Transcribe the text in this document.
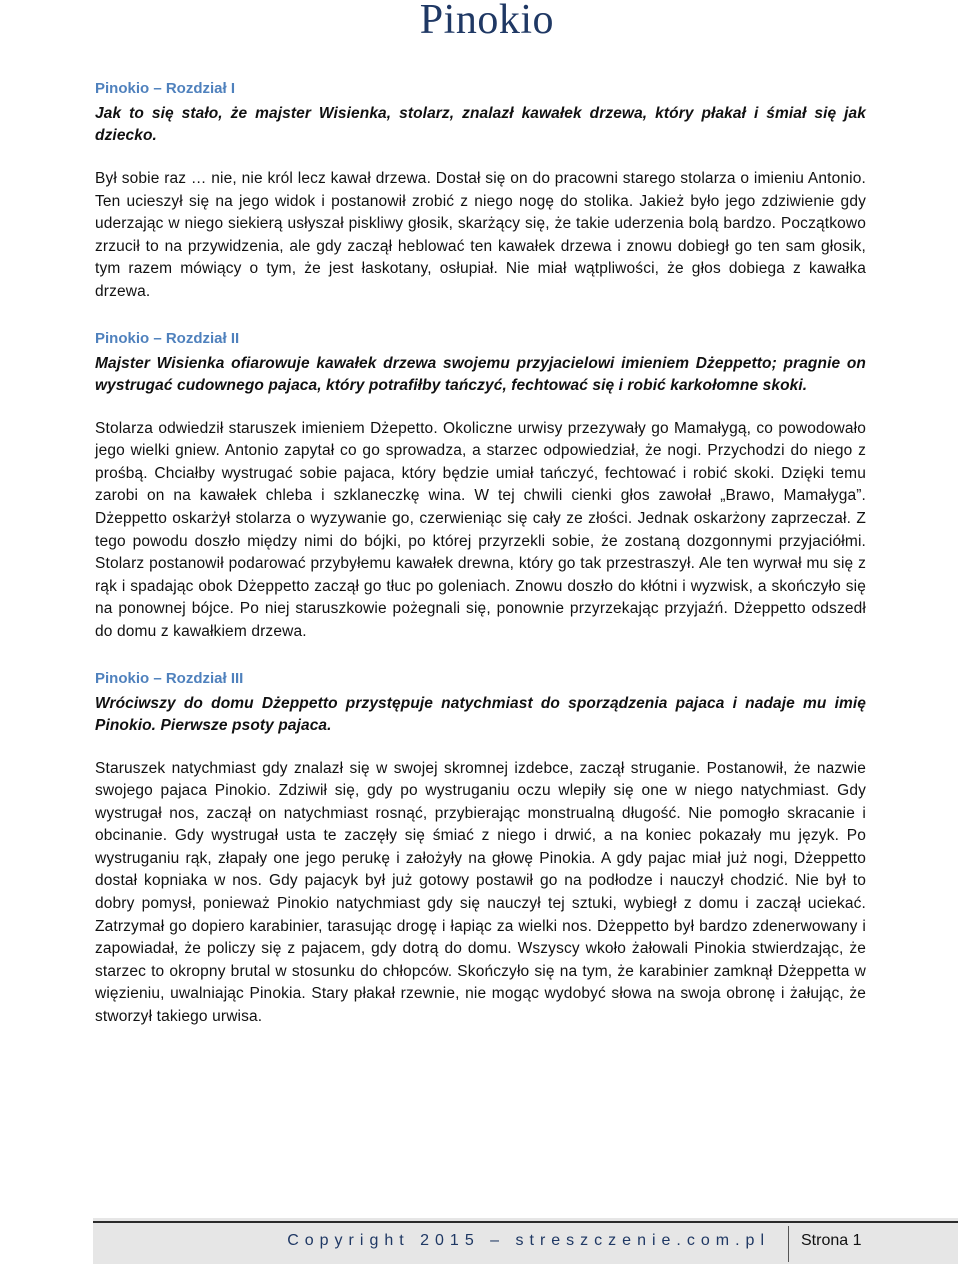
Pinokio
Pinokio – Rozdział I
Jak to się stało, że majster Wisienka, stolarz, znalazł kawałek drzewa, który płakał i śmiał się jak dziecko.
Był sobie raz … nie, nie król lecz kawał drzewa. Dostał się on do pracowni starego stolarza o imieniu Antonio. Ten ucieszył się na jego widok i postanowił zrobić z niego nogę do stolika. Jakież było jego zdziwienie gdy uderzając w niego siekierą usłyszał piskliwy głosik, skarżący się, że takie uderzenia bolą bardzo. Początkowo zrzucił to na przywidzenia, ale gdy zaczął heblować ten kawałek drzewa i znowu dobiegł go ten sam głosik, tym razem mówiący o tym, że jest łaskotany, osłupiał. Nie miał wątpliwości, że głos dobiega z kawałka drzewa.
Pinokio – Rozdział II
Majster Wisienka ofiarowuje kawałek drzewa swojemu przyjacielowi imieniem Dżeppetto; pragnie on wystrugać cudownego pajaca, który potrafiłby tańczyć, fechtować się i robić karkołomne skoki.
Stolarza odwiedził staruszek imieniem Dżepetto. Okoliczne urwisy przezywały go Mamałygą, co powodowało jego wielki gniew. Antonio zapytał co go sprowadza, a starzec odpowiedział, że nogi. Przychodzi do niego z prośbą. Chciałby wystrugać sobie pajaca, który będzie umiał tańczyć, fechtować i robić skoki. Dzięki temu zarobi on na kawałek chleba i szklaneczkę wina. W tej chwili cienki głos zawołał „Brawo, Mamałyga”. Dżeppetto oskarżył stolarza o wyzywanie go, czerwieniąc się cały ze złości. Jednak oskarżony zaprzeczał. Z tego powodu doszło między nimi do bójki, po której przyrzekli sobie, że zostaną dozgonnymi przyjaciółmi. Stolarz postanowił podarować przybyłemu kawałek drewna, który go tak przestraszył. Ale ten wyrwał mu się z rąk i spadając obok Dżeppetto zaczął go tłuc po goleniach. Znowu doszło do kłótni i wyzwisk, a skończyło się na ponownej bójce. Po niej staruszkowie pożegnali się, ponownie przyrzekając przyjaźń. Dżeppetto odszedł do domu z kawałkiem drzewa.
Pinokio – Rozdział III
Wróciwszy do domu Dżeppetto przystępuje natychmiast do sporządzenia pajaca i nadaje mu imię Pinokio. Pierwsze psoty pajaca.
Staruszek natychmiast gdy znalazł się w swojej skromnej izdebce, zaczął struganie. Postanowił, że nazwie swojego pajaca Pinokio. Zdziwił się, gdy po wystruganiu oczu wlepiły się one w niego natychmiast. Gdy wystrugał nos, zaczął on natychmiast rosnąć, przybierając monstrualną długość. Nie pomogło skracanie i obcinanie. Gdy wystrugał usta te zaczęły się śmiać z niego i drwić, a na koniec pokazały mu język. Po wystruganiu rąk, złapały one jego perukę i założyły na głowę Pinokia. A gdy pajac miał już nogi, Dżeppetto dostał kopniaka w nos. Gdy pajacyk był już gotowy postawił go na podłodze i nauczył chodzić. Nie był to dobry pomysł, ponieważ Pinokio natychmiast gdy się nauczył tej sztuki, wybiegł z domu i zaczął uciekać. Zatrzymał go dopiero karabinier, tarasując drogę i łapiąc za wielki nos. Dżeppetto był bardzo zdenerwowany i zapowiadał, że policzy się z pajacem, gdy dotrą do domu. Wszyscy wkoło żałowali Pinokia stwierdzając, że starzec to okropny brutal w stosunku do chłopców. Skończyło się na tym, że karabinier zamknął Dżeppetta w więzieniu, uwalniając Pinokia. Stary płakał rzewnie, nie mogąc wydobyć słowa na swoja obronę i żałując, że stworzył takiego urwisa.
Copyright 2015 – streszczenie.com.pl Strona 1
